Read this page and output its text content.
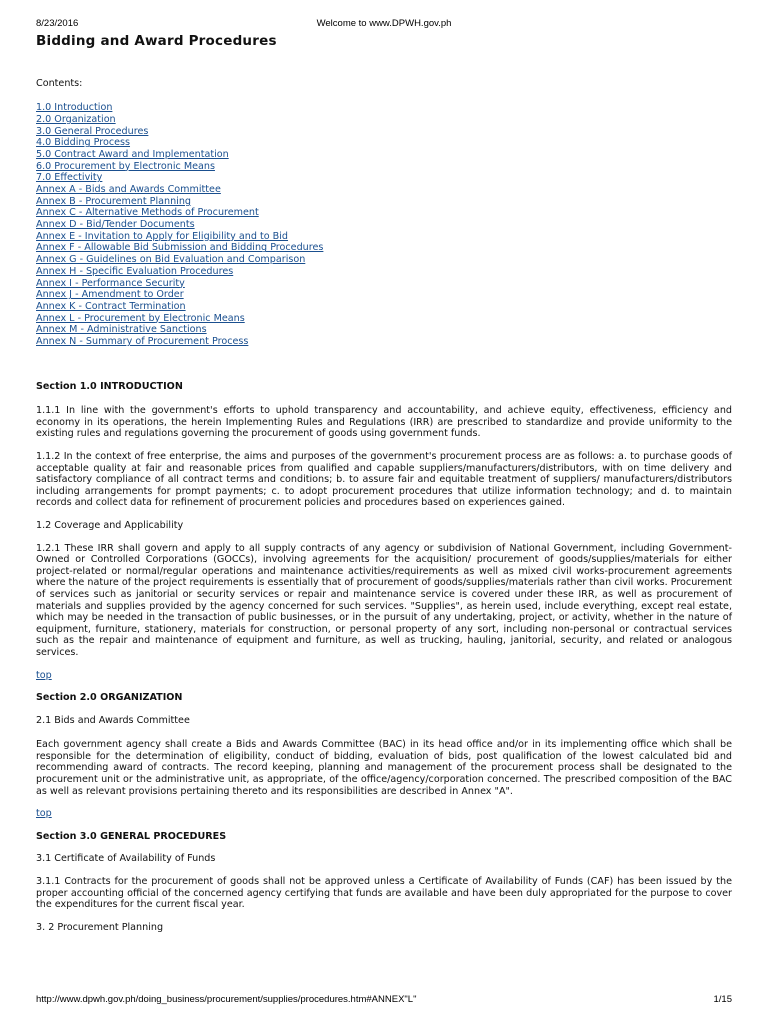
8/23/2016	Welcome to www.DPWH.gov.ph
Bidding and Award Procedures
Contents:
1.0 Introduction
2.0 Organization
3.0 General Procedures
4.0 Bidding Process
5.0 Contract Award and Implementation
6.0 Procurement by Electronic Means
7.0 Effectivity
Annex A - Bids and Awards Committee
Annex B - Procurement Planning
Annex C - Alternative Methods of Procurement
Annex D - Bid/Tender Documents
Annex E - Invitation to Apply for Eligibility and to Bid
Annex F - Allowable Bid Submission and Bidding Procedures
Annex G - Guidelines on Bid Evaluation and Comparison
Annex H - Specific Evaluation Procedures
Annex I - Performance Security
Annex J - Amendment to Order
Annex K - Contract Termination
Annex L - Procurement by Electronic Means
Annex M - Administrative Sanctions
Annex N - Summary of Procurement Process
Section 1.0 INTRODUCTION

1.1.1 In line with the government's efforts to uphold transparency and accountability, and achieve equity, effectiveness, efficiency and economy in its operations, the herein Implementing Rules and Regulations (IRR) are prescribed to standardize and provide uniformity to the existing rules and regulations governing the procurement of goods using government funds.

1.1.2 In the context of free enterprise, the aims and purposes of the government's procurement process are as follows: a. to purchase goods of acceptable quality at fair and reasonable prices from qualified and capable suppliers/manufacturers/distributors, with on time delivery and satisfactory compliance of all contract terms and conditions; b. to assure fair and equitable treatment of suppliers/ manufacturers/distributors including arrangements for prompt payments; c. to adopt procurement procedures that utilize information technology; and d. to maintain records and collect data for refinement of procurement policies and procedures based on experiences gained.

1.2 Coverage and Applicability

1.2.1 These IRR shall govern and apply to all supply contracts of any agency or subdivision of National Government, including Government-Owned or Controlled Corporations (GOCCs), involving agreements for the acquisition/ procurement of goods/supplies/materials for either project-related or normal/regular operations and maintenance activities/requirements as well as mixed civil works-procurement agreements where the nature of the project requirements is essentially that of procurement of goods/supplies/materials rather than civil works. Procurement of services such as janitorial or security services or repair and maintenance service is covered under these IRR, as well as procurement of materials and supplies provided by the agency concerned for such services. "Supplies", as herein used, include everything, except real estate, which may be needed in the transaction of public businesses, or in the pursuit of any undertaking, project, or activity, whether in the nature of equipment, furniture, stationery, materials for construction, or personal property of any sort, including non-personal or contractual services such as the repair and maintenance of equipment and furniture, as well as trucking, hauling, janitorial, security, and related or analogous services.

top
Section 2.0 ORGANIZATION
2.1 Bids and Awards Committee

Each government agency shall create a Bids and Awards Committee (BAC) in its head office and/or in its implementing office which shall be responsible for the determination of eligibility, conduct of bidding, evaluation of bids, post qualification of the lowest calculated bid and recommending award of contracts. The record keeping, planning and management of the procurement process shall be designated to the procurement unit or the administrative unit, as appropriate, of the office/agency/corporation concerned. The prescribed composition of the BAC as well as relevant provisions pertaining thereto and its responsibilities are described in Annex "A".

top
Section 3.0 GENERAL PROCEDURES
3.1 Certificate of Availability of Funds

3.1.1 Contracts for the procurement of goods shall not be approved unless a Certificate of Availability of Funds (CAF) has been issued by the proper accounting official of the concerned agency certifying that funds are available and have been duly appropriated for the purpose to cover the expenditures for the current fiscal year.

3. 2 Procurement Planning
http://www.dpwh.gov.ph/doing_business/procurement/supplies/procedures.htm#ANNEX"L"	1/15
